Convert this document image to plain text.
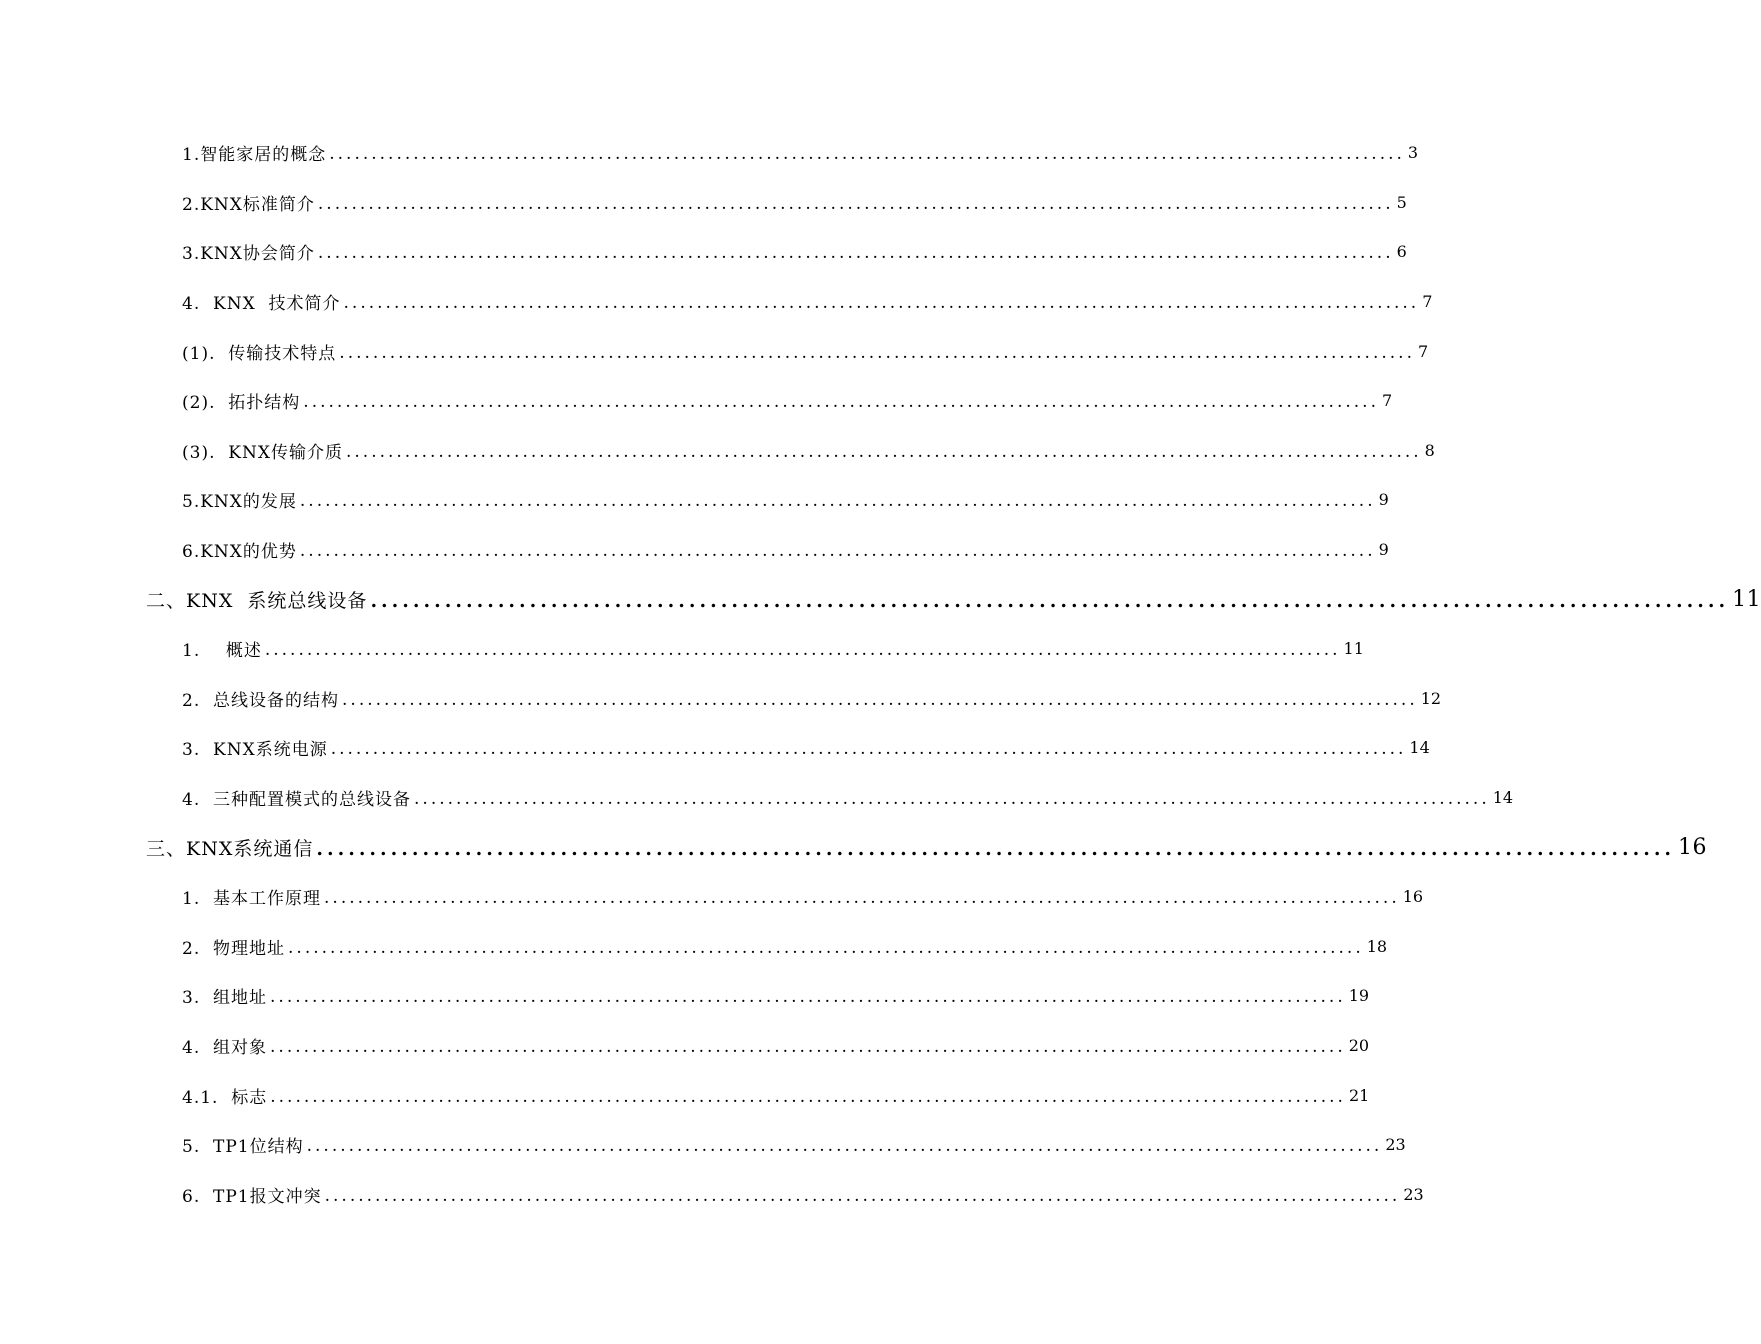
1.智能家居的概念 ................................................................................................................................ 3
2.KNX标准简介 ................................................................................................................................ 5
3.KNX协会简介 ................................................................................................................................ 6
4.  KNX  技术简介 ................................................................................................................................ 7
(1).  传输技术特点 ................................................................................................................................ 7
(2).  拓扑结构 ................................................................................................................................ 7
(3).  KNX传输介质 ................................................................................................................................ 8
5.KNX的发展 ................................................................................................................................ 9
6.KNX的优势 ................................................................................................................................ 9
二、KNX  系统总线设备 ................................................................................................................................ 11
1.    概述 ................................................................................................................................ 11
2.  总线设备的结构 ................................................................................................................................ 12
3.  KNX系统电源 ................................................................................................................................ 14
4.  三种配置模式的总线设备 ................................................................................................................................ 14
三、KNX系统通信 ................................................................................................................................ 16
1.  基本工作原理 ................................................................................................................................ 16
2.  物理地址 ................................................................................................................................ 18
3.  组地址 ................................................................................................................................ 19
4.  组对象 ................................................................................................................................ 20
4.1.  标志 ................................................................................................................................ 21
5.  TP1位结构 ................................................................................................................................ 23
6.  TP1报文冲突 ................................................................................................................................ 23
